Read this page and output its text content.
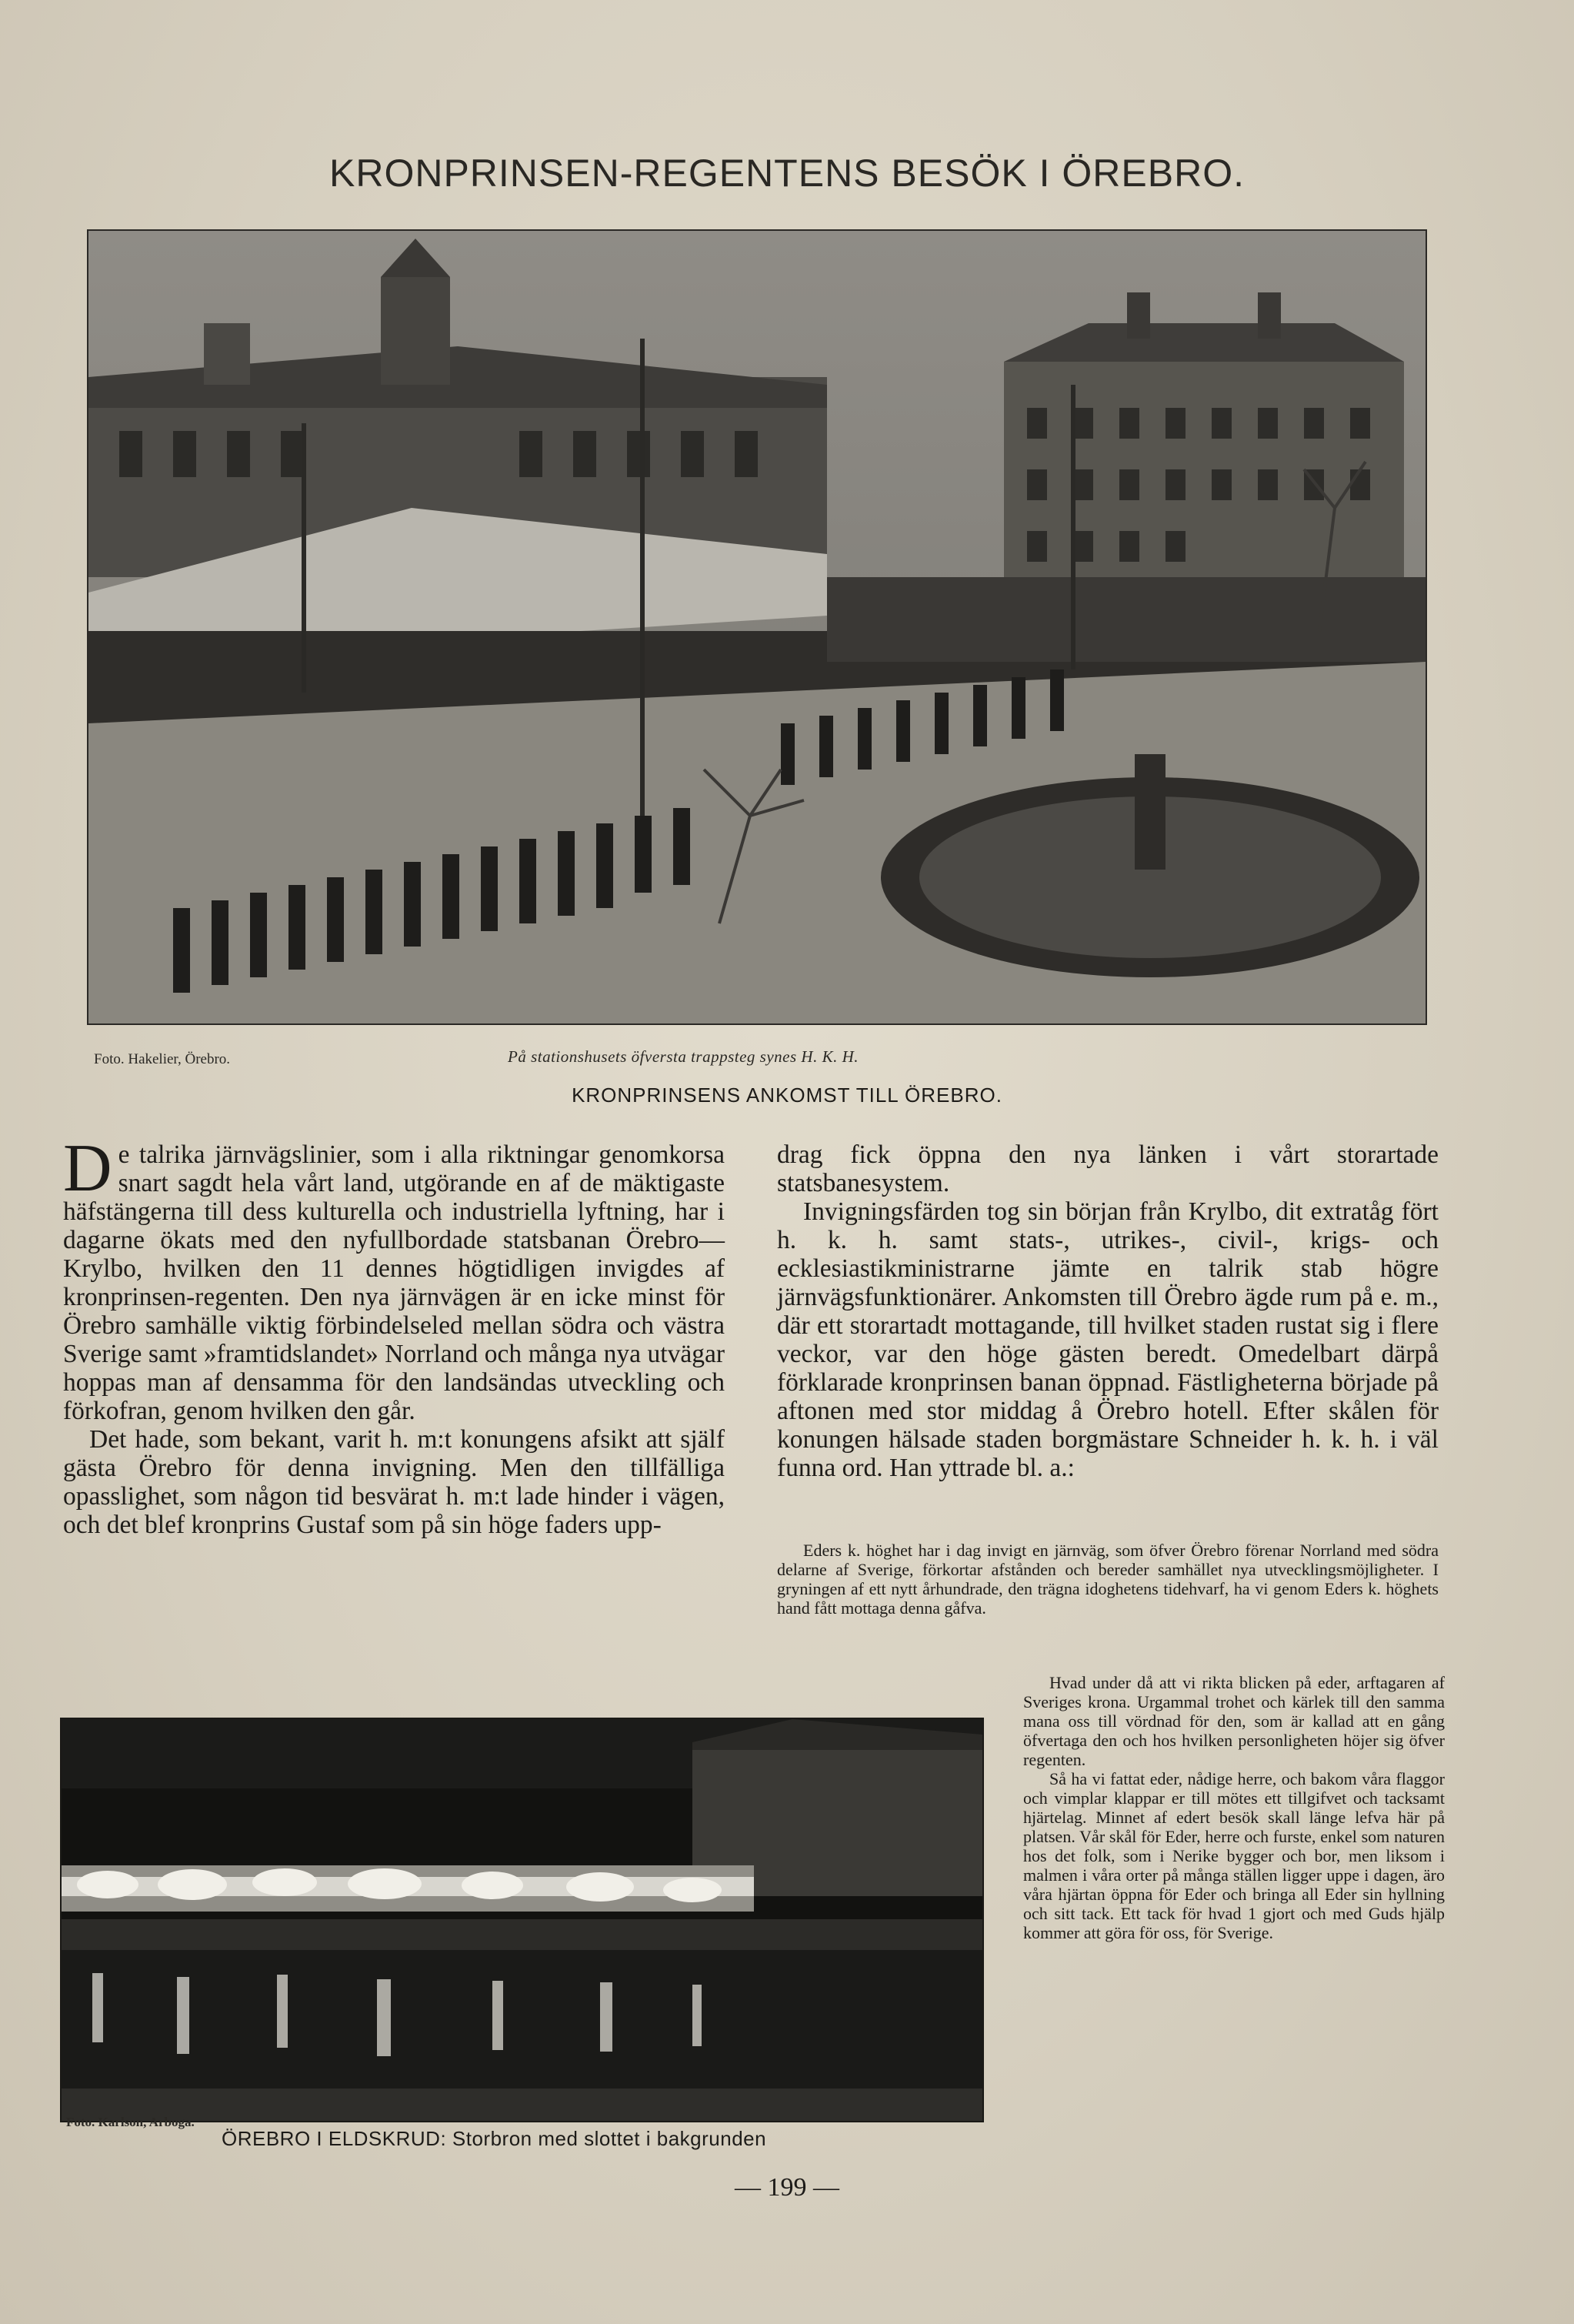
KRONPRINSEN-REGENTENS BESÖK I ÖREBRO.
Foto. Hakelier, Örebro.	På stationshusets öfversta trappsteg synes H. K. H.
KRONPRINSENS ANKOMST TILL ÖREBRO.

De talrika järnvägslinier, som i alla riktningar genomkorsa snart sagdt hela vårt land, utgörande en af de mäktigaste häfstängerna till dess kulturella och industriella lyftning, har i dagarne ökats med den nyfullbordade statsbanan Örebro—Krylbo, hvilken den 11 dennes högtidligen invigdes af kronprinsen-regenten. Den nya järnvägen är en icke minst för Örebro samhälle viktig förbindelseled mellan södra och västra Sverige samt »framtidslandet» Norrland och många nya utvägar hoppas man af densamma för den landsändas utveckling och förkofran, genom hvilken den går.

Det hade, som bekant, varit h. m:t konungens afsikt att själf gästa Örebro för denna invigning. Men den tillfälliga opasslighet, som någon tid besvärat h. m:t lade hinder i vägen, och det blef kronprins Gustaf som på sin höge faders upp-

drag fick öppna den nya länken i vårt storartade statsbanesystem.

Invigningsfärden tog sin början från Krylbo, dit extratåg fört h. k. h. samt stats-, utrikes-, civil-, krigs- och ecklesiastikministrarne jämte en talrik stab högre järnvägsfunktionärer. Ankomsten till Örebro ägde rum på e. m., där ett storartadt mottagande, till hvilket staden rustat sig i flere veckor, var den höge gästen beredt. Omedelbart därpå förklarade kronprinsen banan öppnad. Fästligheterna började på aftonen med stor middag å Örebro hotell. Efter skålen för konungen hälsade staden borgmästare Schneider h. k. h. i väl funna ord. Han yttrade bl. a.:

Eders k. höghet har i dag invigt en järnväg, som öfver Örebro förenar Norrland med södra delarne af Sverige, förkortar afstånden och bereder samhället nya utvecklingsmöjligheter. I gryningen af ett nytt århundrade, den trägna idoghetens tidehvarf, ha vi genom Eders k. höghets hand fått mottaga denna gåfva.

Hvad under då att vi rikta blicken på eder, arftagaren af Sveriges krona. Urgammal trohet och kärlek till den samma mana oss till vördnad för den, som är kallad att en gång öfvertaga den och hos hvilken personligheten höjer sig öfver regenten.

Så ha vi fattat eder, nådige herre, och bakom våra flaggor och vimplar klappar er till mötes ett tillgifvet och tacksamt hjärtelag. Minnet af edert besök skall länge lefva här på platsen. Vår skål för Eder, herre och furste, enkel som naturen hos det folk, som i Nerike bygger och bor, men liksom i malmen i våra orter på många ställen ligger uppe i dagen, äro våra hjärtan öppna för Eder och bringa all Eder sin hyllning och sitt tack. Ett tack för hvad 1 gjort och med Guds hjälp kommer att göra för oss, för Sverige.

Foto. Karlson, Arboga.
ÖREBRO I ELDSKRUD: Storbron med slottet i bakgrunden
— 199 —
